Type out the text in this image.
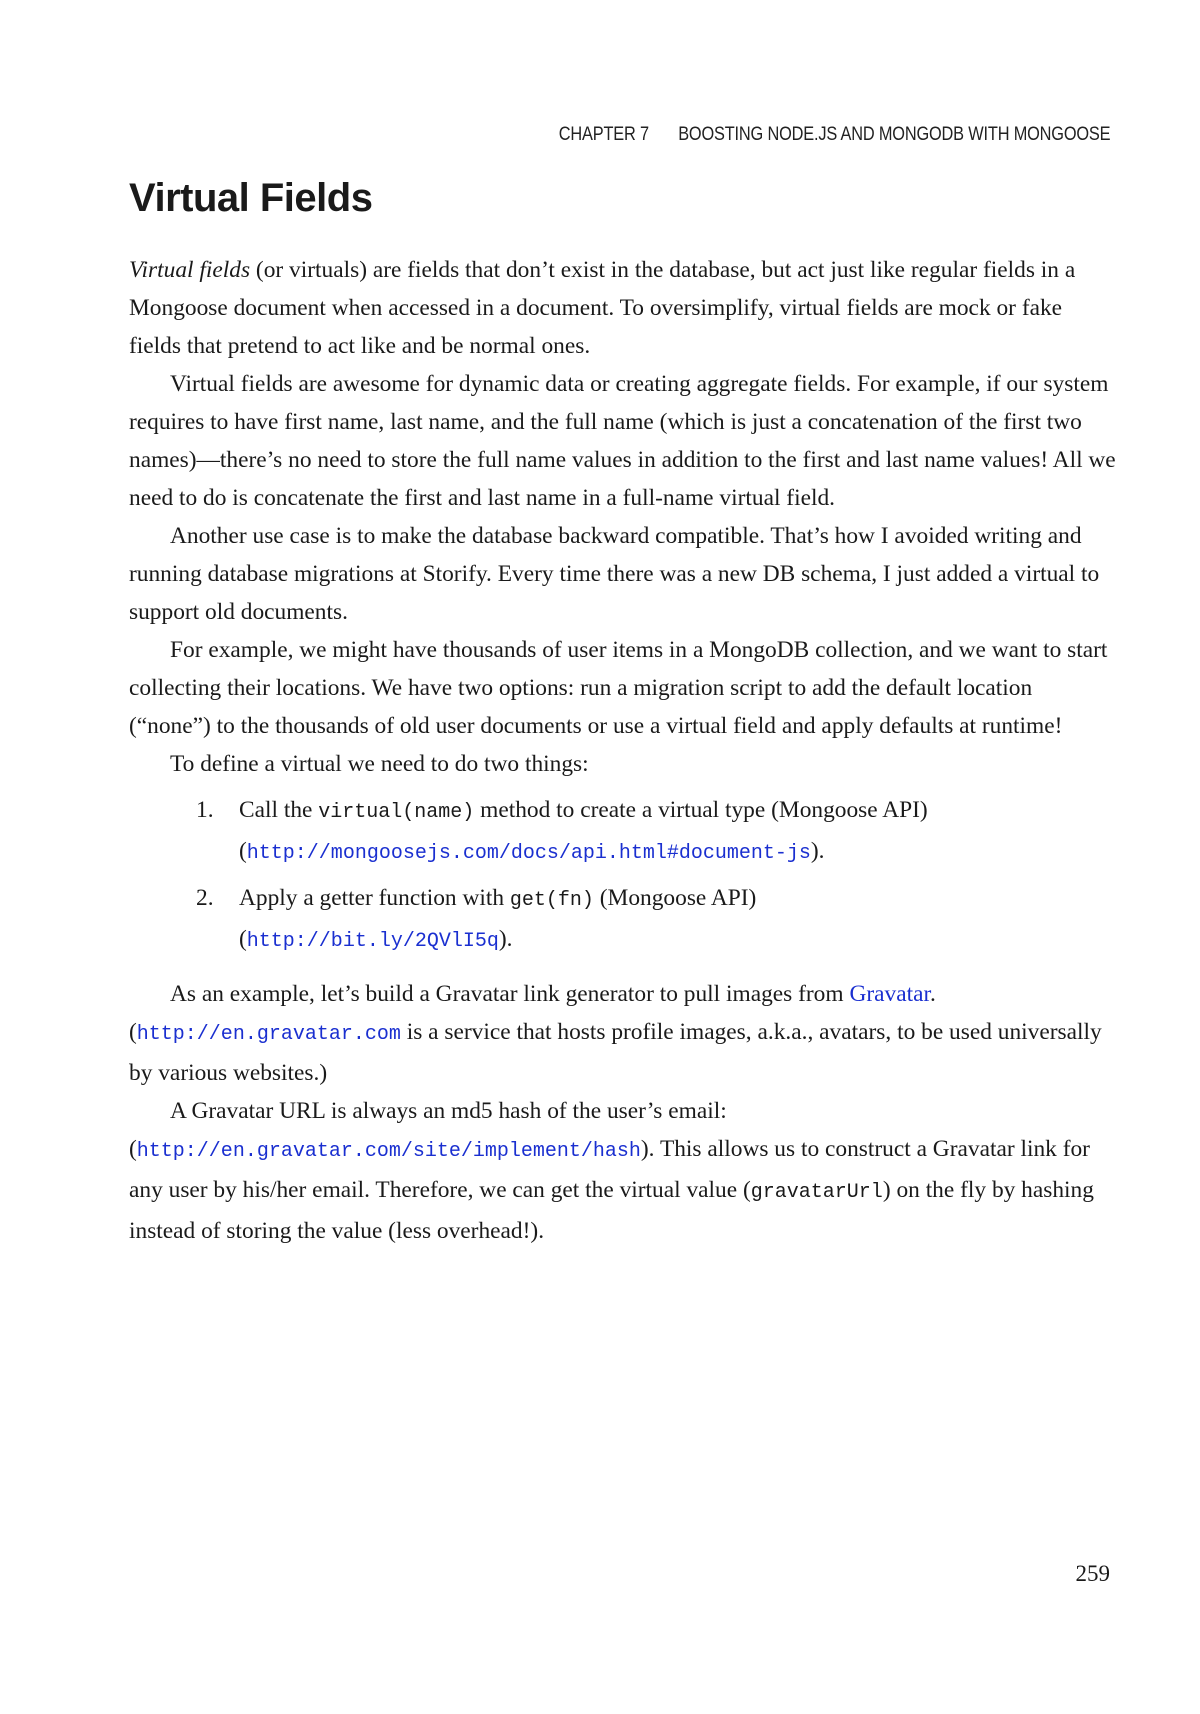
CHAPTER 7 BOOSTING NODE.JS AND MONGODB WITH MONGOOSE
Virtual Fields

Virtual fields (or virtuals) are fields that don’t exist in the database, but act just like regular fields in a Mongoose document when accessed in a document. To oversimplify, virtual fields are mock or fake fields that pretend to act like and be normal ones.

Virtual fields are awesome for dynamic data or creating aggregate fields. For example, if our system requires to have first name, last name, and the full name (which is just a concatenation of the first two names)—there’s no need to store the full name values in addition to the first and last name values! All we need to do is concatenate the first and last name in a full-name virtual field.

Another use case is to make the database backward compatible. That’s how I avoided writing and running database migrations at Storify. Every time there was a new DB schema, I just added a virtual to support old documents.

For example, we might have thousands of user items in a MongoDB collection, and we want to start collecting their locations. We have two options: run a migration script to add the default location (“none”) to the thousands of old user documents or use a virtual field and apply defaults at runtime!

To define a virtual we need to do two things:

1. Call the virtual(name) method to create a virtual type (Mongoose API) (http://mongoosejs.com/docs/api.html#document-js).
2. Apply a getter function with get(fn) (Mongoose API) (http://bit.ly/2QVlI5q).

As an example, let’s build a Gravatar link generator to pull images from Gravatar. (http://en.gravatar.com is a service that hosts profile images, a.k.a., avatars, to be used universally by various websites.)

A Gravatar URL is always an md5 hash of the user’s email: (http://en.gravatar.com/site/implement/hash). This allows us to construct a Gravatar link for any user by his/her email. Therefore, we can get the virtual value (gravatarUrl) on the fly by hashing instead of storing the value (less overhead!).

259
